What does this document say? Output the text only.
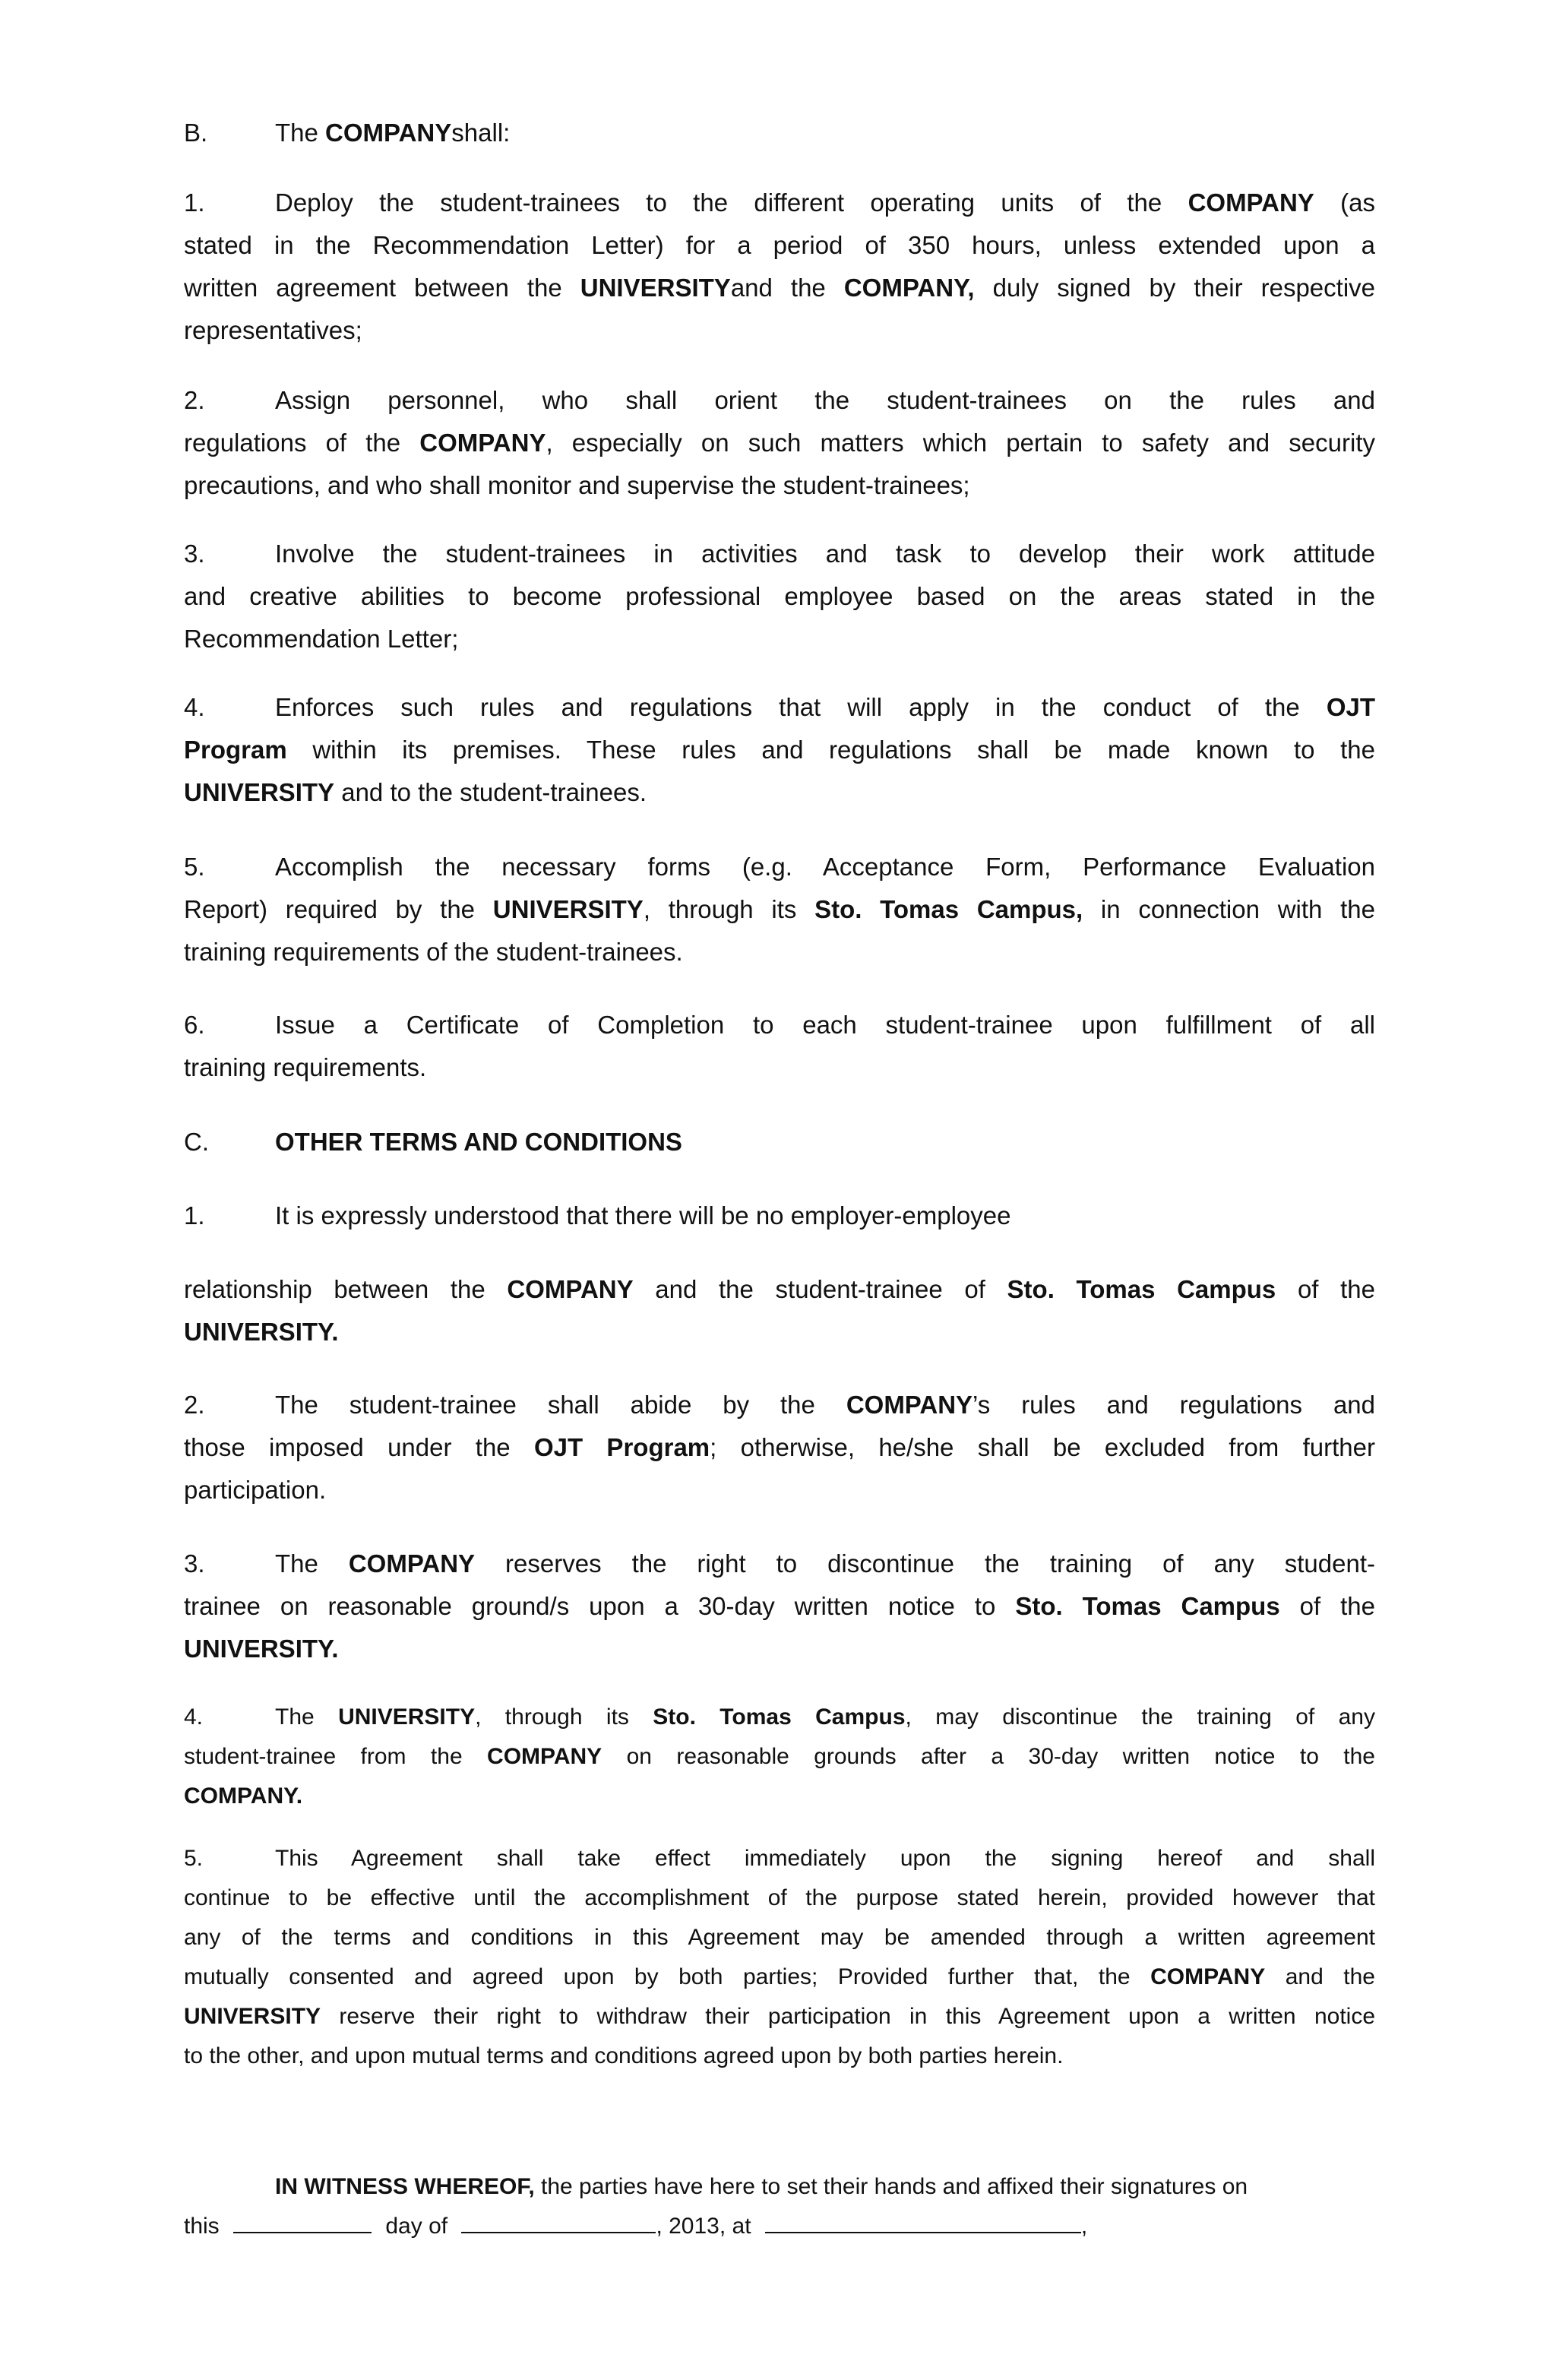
B.	The COMPANYshall:
1.	Deploy the student-trainees to the different operating units of the COMPANY (as
stated in the Recommendation Letter) for a period of 350 hours, unless extended upon a
written agreement between the UNIVERSITYand the COMPANY, duly signed by their respective
representatives;
2.	Assign personnel, who shall orient the student-trainees on the rules and
regulations of the COMPANY, especially on such matters which pertain to safety and security
precautions, and who shall monitor and supervise the student-trainees;
3.	Involve the student-trainees in activities and task to develop their work attitude
and creative abilities to become professional employee based on the areas stated in the
Recommendation Letter;
4.	Enforces such rules and regulations that will apply in the conduct of the OJT
Program within its premises. These rules and regulations shall be made known to the
UNIVERSITY and to the student-trainees.
5.	Accomplish the necessary forms (e.g. Acceptance Form, Performance Evaluation
Report) required by the UNIVERSITY, through its Sto. Tomas Campus, in connection with the
training requirements of the student-trainees.
6.	Issue a Certificate of Completion to each student-trainee upon fulfillment of all
training requirements.
C.	OTHER TERMS AND CONDITIONS
1.	It is expressly understood that there will be no employer-employee
relationship between the COMPANY and the student-trainee of Sto. Tomas Campus of the
UNIVERSITY.
2.	The student-trainee shall abide by the COMPANY’s rules and regulations and
those imposed under the OJT Program; otherwise, he/she shall be excluded from further
participation.
3.	The COMPANY reserves the right to discontinue the training of any student-
trainee on reasonable ground/s upon a 30-day written notice to Sto. Tomas Campus of the
UNIVERSITY.
4.	The UNIVERSITY, through its Sto. Tomas Campus, may discontinue the training of any
student-trainee from the COMPANY on reasonable grounds after a 30-day written notice to the
COMPANY.
5.	This Agreement shall take effect immediately upon the signing hereof and shall
continue to be effective until the accomplishment of the purpose stated herein, provided however that
any of the terms and conditions in this Agreement may be amended through a written agreement
mutually consented and agreed upon by both parties; Provided further that, the COMPANY and the
UNIVERSITY reserve their right to withdraw their participation in this Agreement upon a written notice
to the other, and upon mutual terms and conditions agreed upon by both parties herein.
IN WITNESS WHEREOF, the parties have here to set their hands and affixed their signatures on
this	day of	, 2013, at	,
